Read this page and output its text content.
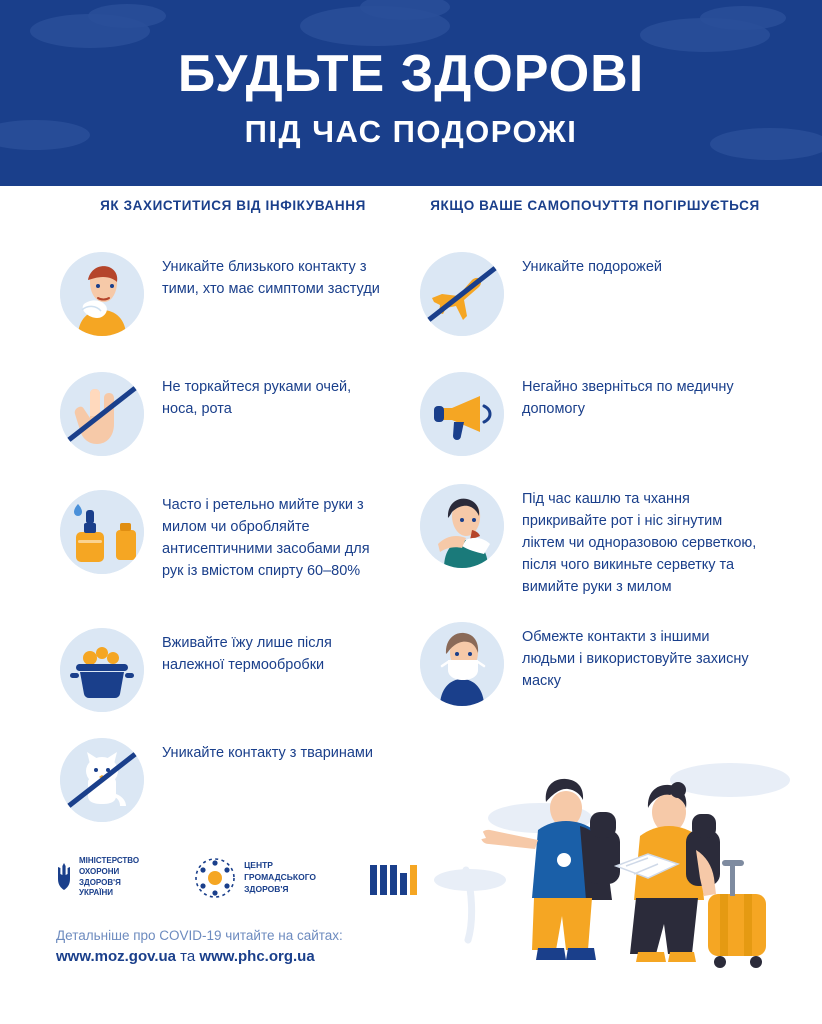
БУДЬТЕ ЗДОРОВІ
ПІД ЧАС ПОДОРОЖІ
ЯК ЗАХИСТИТИСЯ ВІД ІНФІКУВАННЯ	ЯКЩО ВАШЕ САМОПОЧУТТЯ ПОГІРШУЄТЬСЯ
Уникайте близького контакту з тими, хто має симптоми застуди
Не торкайтеся руками очей, носа, рота
Часто і ретельно мийте руки з милом чи обробляйте антисептичними засобами для рук із вмістом спирту 60–80%
Вживайте їжу лише після належної термообробки
Уникайте контакту з тваринами
Уникайте подорожей
Негайно зверніться по медичну допомогу
Під час кашлю та чхання прикривайте рот і ніс зігнутим ліктем чи одноразовою серветкою, після чого викиньте серветку та вимийте руки з милом
Обмежте контакти з іншими людьми і використовуйте захисну маску
МІНІСТЕРСТВО
ОХОРОНИ
ЗДОРОВ'Я
УКРАЇНИ
ЦЕНТР
ГРОМАДСЬКОГО
ЗДОРОВ'Я
Детальніше про COVID-19 читайте на сайтах:
www.moz.gov.ua та www.phc.org.ua
